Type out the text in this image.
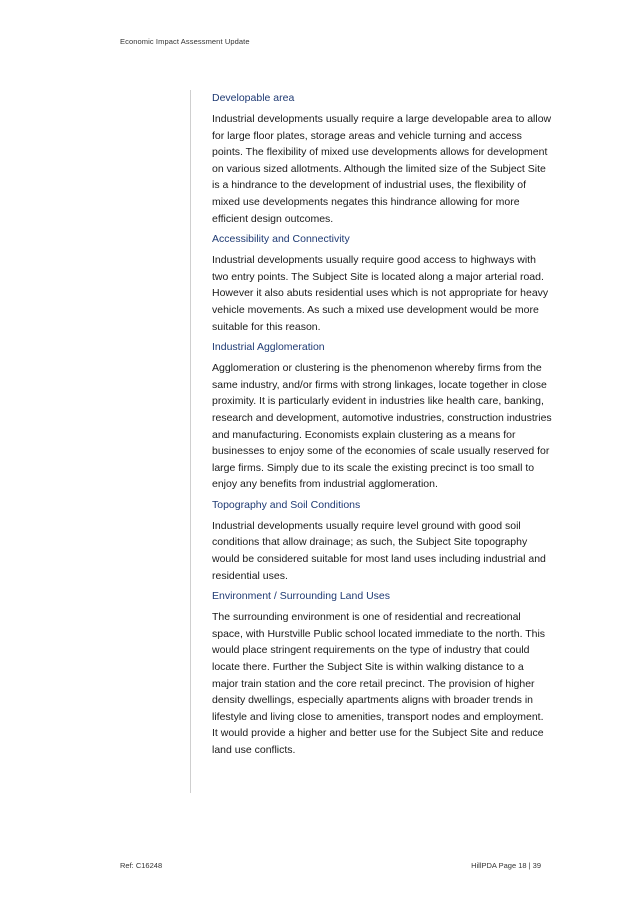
Economic Impact Assessment Update
Developable area

Industrial developments usually require a large developable area to allow for large floor plates, storage areas and vehicle turning and access points. The flexibility of mixed use developments allows for development on various sized allotments. Although the limited size of the Subject Site is a hindrance to the development of industrial uses, the flexibility of mixed use developments negates this hindrance allowing for more efficient design outcomes.

Accessibility and Connectivity

Industrial developments usually require good access to highways with two entry points. The Subject Site is located along a major arterial road. However it also abuts residential uses which is not appropriate for heavy vehicle movements. As such a mixed use development would be more suitable for this reason.

Industrial Agglomeration

Agglomeration or clustering is the phenomenon whereby firms from the same industry, and/or firms with strong linkages, locate together in close proximity. It is particularly evident in industries like health care, banking, research and development, automotive industries, construction industries and manufacturing. Economists explain clustering as a means for businesses to enjoy some of the economies of scale usually reserved for large firms. Simply due to its scale the existing precinct is too small to enjoy any benefits from industrial agglomeration.

Topography and Soil Conditions

Industrial developments usually require level ground with good soil conditions that allow drainage; as such, the Subject Site topography would be considered suitable for most land uses including industrial and residential uses.

Environment / Surrounding Land Uses

The surrounding environment is one of residential and recreational space, with Hurstville Public school located immediate to the north. This would place stringent requirements on the type of industry that could locate there. Further the Subject Site is within walking distance to a major train station and the core retail precinct. The provision of higher density dwellings, especially apartments aligns with broader trends in lifestyle and living close to amenities, transport nodes and employment. It would provide a higher and better use for the Subject Site and reduce land use conflicts.

Ref: C16248	HillPDA Page 18 | 39
